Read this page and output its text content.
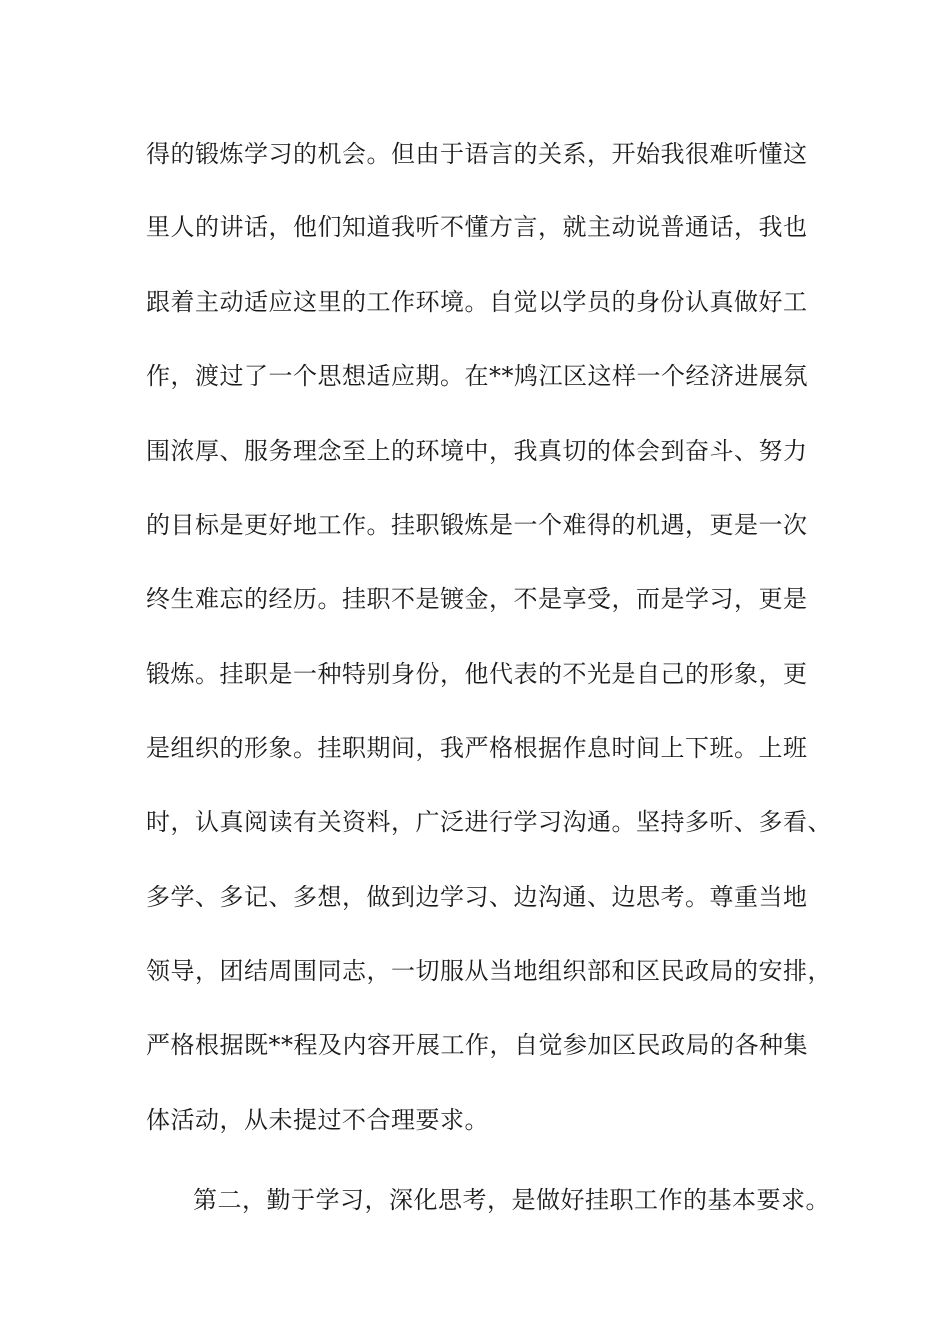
得的锻炼学习的机会。但由于语言的关系，开始我很难听懂这
里人的讲话，他们知道我听不懂方言，就主动说普通话，我也
跟着主动适应这里的工作环境。自觉以学员的身份认真做好工
作，渡过了一个思想适应期。在**鸠江区这样一个经济进展氛
围浓厚、服务理念至上的环境中，我真切的体会到奋斗、努力
的目标是更好地工作。挂职锻炼是一个难得的机遇，更是一次
终生难忘的经历。挂职不是镀金，不是享受，而是学习，更是
锻炼。挂职是一种特别身份，他代表的不光是自己的形象，更
是组织的形象。挂职期间，我严格根据作息时间上下班。上班
时，认真阅读有关资料，广泛进行学习沟通。坚持多听、多看、
多学、多记、多想，做到边学习、边沟通、边思考。尊重当地
领导，团结周围同志，一切服从当地组织部和区民政局的安排，
严格根据既**程及内容开展工作，自觉参加区民政局的各种集
体活动，从未提过不合理要求。
第二，勤于学习，深化思考，是做好挂职工作的基本要求。
